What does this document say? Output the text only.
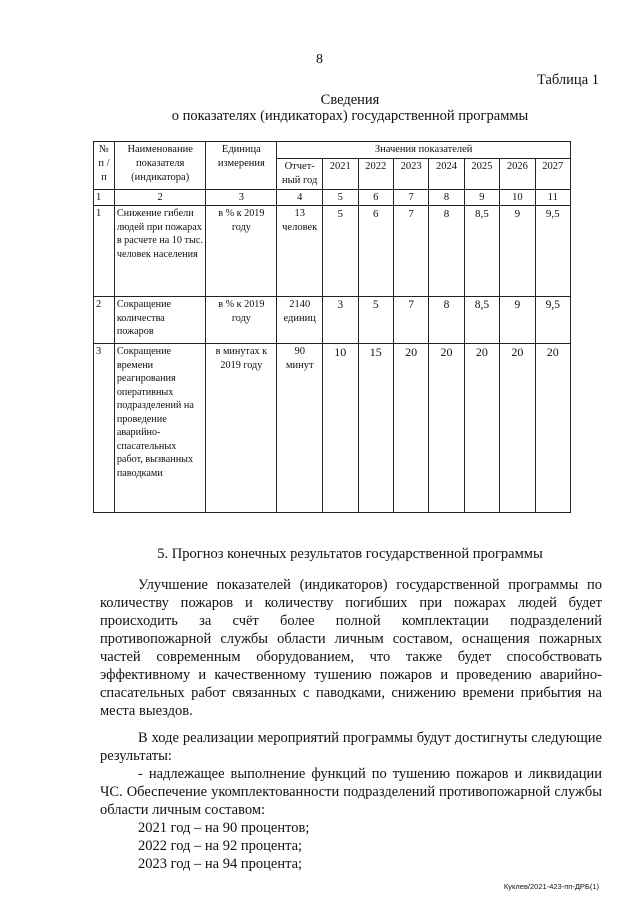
8
Таблица 1
Сведения
о показателях (индикаторах) государственной программы
№ п /п	Наименование показателя (индикатора)	Единица измерения	Значения показателей							
			Отчет-ный год	2021	2022	2023	2024	2025	2026	2027
1	2	3	4	5	6	7	8	9	10	11
1	Снижение гибели людей при пожарах в расчете на 10 тыс. человек населения	в % к 2019 году	13 человек	5	6	7	8	8,5	9	9,5
2	Сокращение количества пожаров	в % к 2019 году	2140 единиц	3	5	7	8	8,5	9	9,5
3	Сокращение времени реагирования оперативных подразделений на проведение аварийно-спасательных работ, вызванных паводками	в минутах к 2019 году	90 минут	10	15	20	20	20	20	20
5. Прогноз конечных результатов государственной программы

Улучшение показателей (индикаторов) государственной программы по количеству пожаров и количеству погибших при пожарах людей будет происходить за счёт более полной комплектации подразделений противопожарной службы области личным составом, оснащения пожарных частей современным оборудованием, что также будет способствовать эффективному и качественному тушению пожаров и проведению аварийно-спасательных работ связанных с паводками, снижению времени прибытия на места выездов.

В ходе реализации мероприятий программы будут достигнуты следующие результаты:

- надлежащее выполнение функций по тушению пожаров и ликвидации ЧС. Обеспечение укомплектованности подразделений противопожарной службы области личным составом:

2021 год – на 90 процентов;

2022 год – на 92 процента;

2023 год – на 94 процента;

Куклев/2021-423-пп-ДРБ(1)
